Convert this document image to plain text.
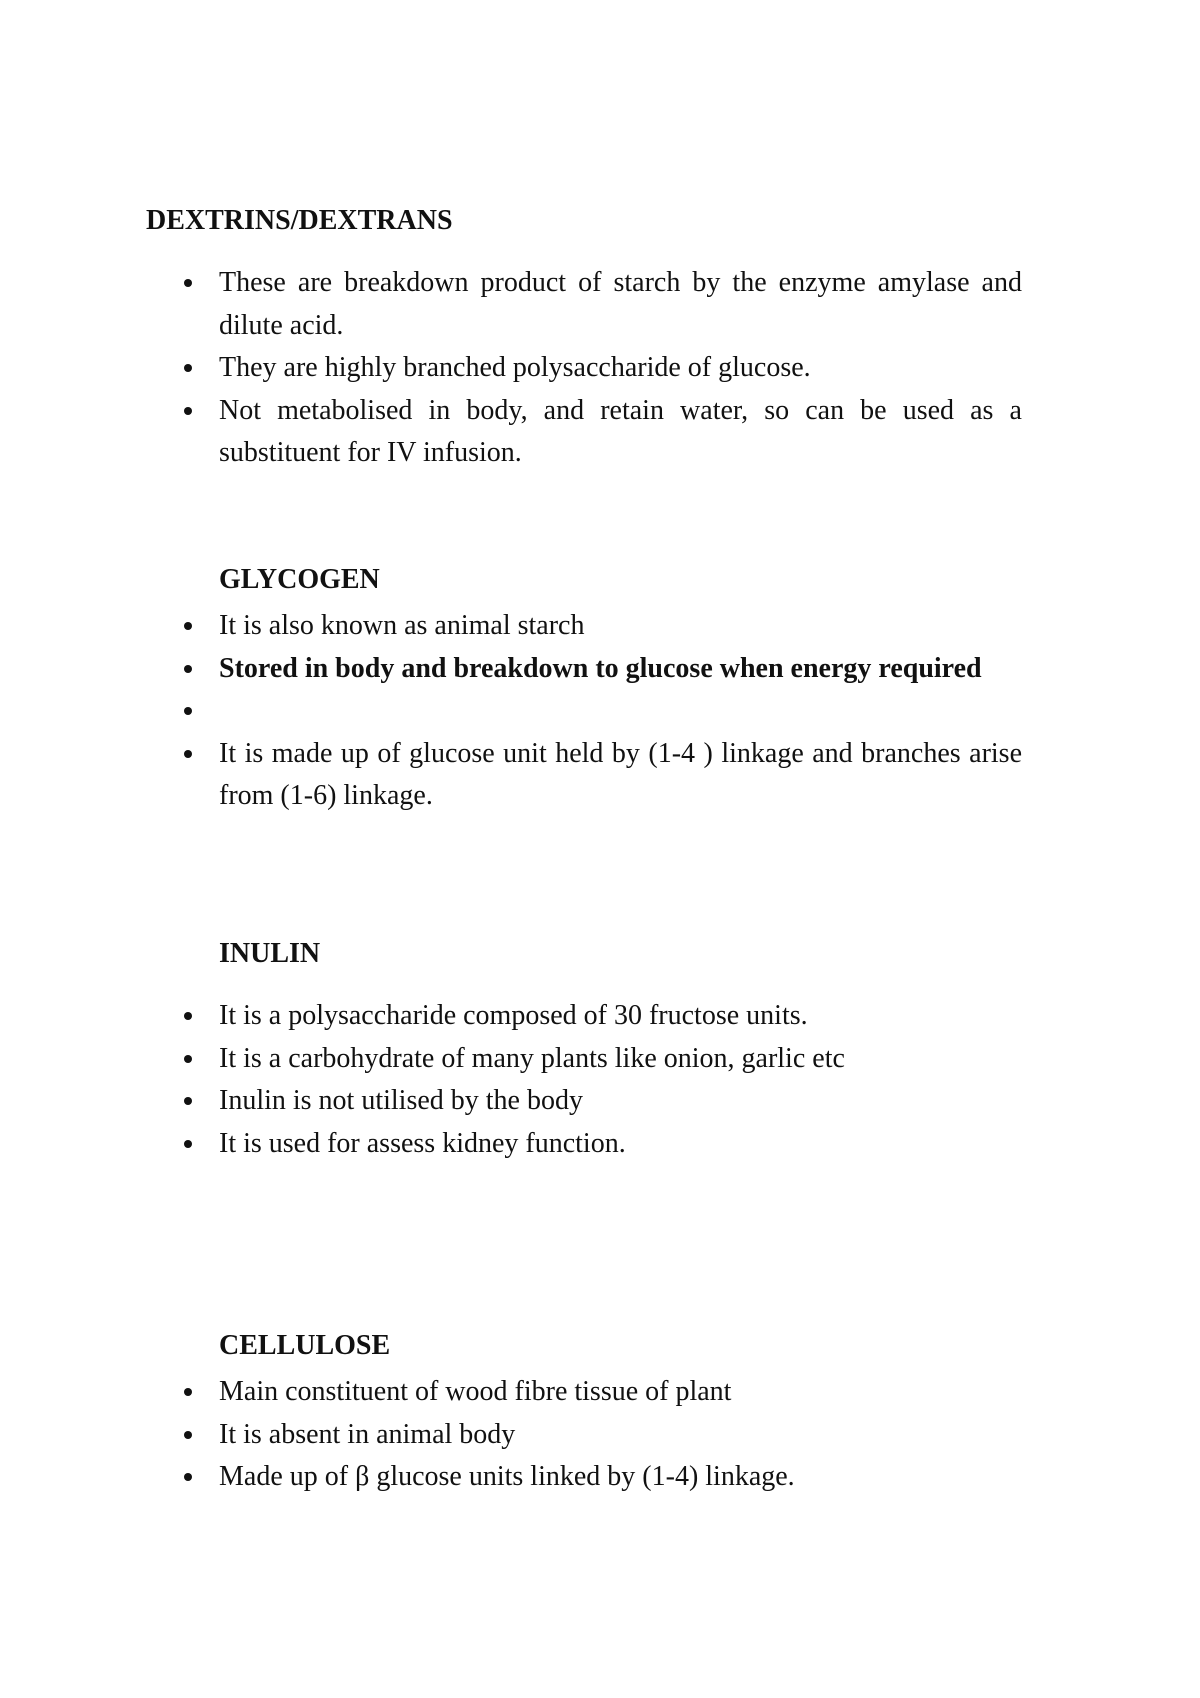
DEXTRINS/DEXTRANS
These are breakdown product of starch by the enzyme amylase and dilute acid.
They are highly branched polysaccharide of glucose.
Not metabolised in body, and retain water, so can be used as a substituent for IV infusion.
GLYCOGEN
It is also known as animal starch
Stored in body and breakdown to glucose when energy required
It is made up of glucose unit held by (1-4 ) linkage and branches arise from (1-6) linkage.
INULIN
It is a polysaccharide composed of 30 fructose units.
It is a carbohydrate of many plants like onion, garlic etc
Inulin is not utilised by the body
It is used for assess kidney function.
CELLULOSE
Main constituent of wood fibre tissue of plant
It is absent in animal body
Made up of β glucose units linked by (1-4) linkage.
